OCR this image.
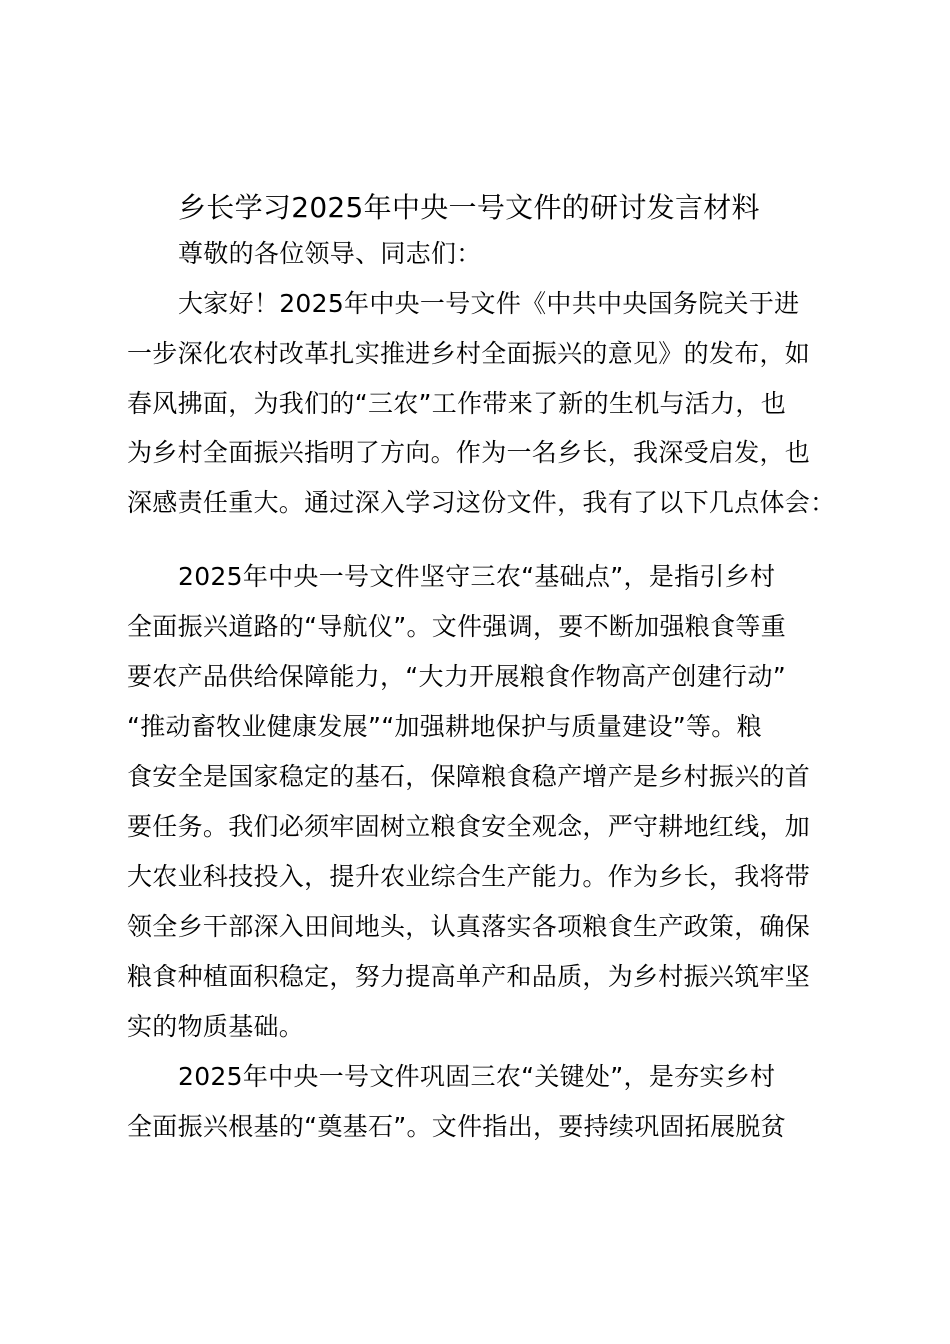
乡长学习2025年中央一号文件的研讨发言材料
尊敬的各位领导、同志们：
大家好！2025年中央一号文件《中共中央国务院关于进
一步深化农村改革扎实推进乡村全面振兴的意见》的发布，如
春风拂面，为我们的“三农”工作带来了新的生机与活力，也
为乡村全面振兴指明了方向。作为一名乡长，我深受启发，也
深感责任重大。通过深入学习这份文件，我有了以下几点体会：
2025年中央一号文件坚守三农“基础点”，是指引乡村
全面振兴道路的“导航仪”。文件强调，要不断加强粮食等重
要农产品供给保障能力，“大力开展粮食作物高产创建行动”
“推动畜牧业健康发展”“加强耕地保护与质量建设”等。粮
食安全是国家稳定的基石，保障粮食稳产增产是乡村振兴的首
要任务。我们必须牢固树立粮食安全观念，严守耕地红线，加
大农业科技投入，提升农业综合生产能力。作为乡长，我将带
领全乡干部深入田间地头，认真落实各项粮食生产政策，确保
粮食种植面积稳定，努力提高单产和品质，为乡村振兴筑牢坚
实的物质基础。
2025年中央一号文件巩固三农“关键处”，是夯实乡村
全面振兴根基的“奠基石”。文件指出，要持续巩固拓展脱贫
